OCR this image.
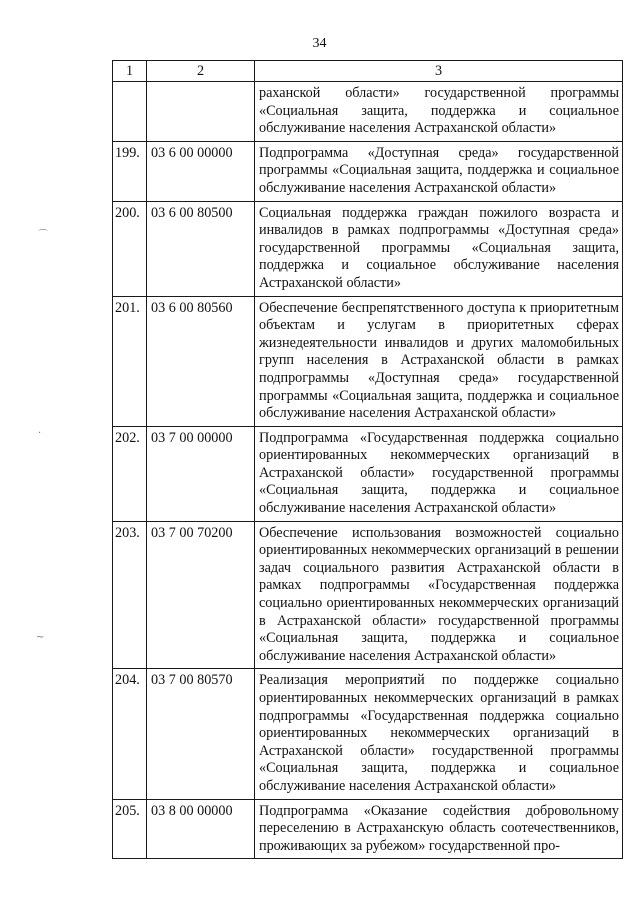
34
⌒
·
~
1	2	3
		раханской области» государственной программы «Социальная защита, поддержка и социальное обслуживание населения Астраханской области»
199.	03 6 00 00000	Подпрограмма «Доступная среда» государственной программы «Социальная защита, поддержка и социальное обслуживание населения Астраханской области»
200.	03 6 00 80500	Социальная поддержка граждан пожилого возраста и инвалидов в рамках подпрограммы «Доступная среда» государственной программы «Социальная защита, поддержка и социальное обслуживание населения Астраханской области»
201.	03 6 00 80560	Обеспечение беспрепятственного доступа к приоритетным объектам и услугам в приоритетных сферах жизнедеятельности инвалидов и других маломобильных групп населения в Астраханской области в рамках подпрограммы «Доступная среда» государственной программы «Социальная защита, поддержка и социальное обслуживание населения Астраханской области»
202.	03 7 00 00000	Подпрограмма «Государственная поддержка социально ориентированных некоммерческих организаций в Астраханской области» государственной программы «Социальная защита, поддержка и социальное обслуживание населения Астраханской области»
203.	03 7 00 70200	Обеспечение использования возможностей социально ориентированных некоммерческих организаций в решении задач социального развития Астраханской области в рамках подпрограммы «Государственная поддержка социально ориентированных некоммерческих организаций в Астраханской области» государственной программы «Социальная защита, поддержка и социальное обслуживание населения Астраханской области»
204.	03 7 00 80570	Реализация мероприятий по поддержке социально ориентированных некоммерческих организаций в рамках подпрограммы «Государственная поддержка социально ориентированных некоммерческих организаций в Астраханской области» государственной программы «Социальная защита, поддержка и социальное обслуживание населения Астраханской области»
205.	03 8 00 00000	Подпрограмма «Оказание содействия добровольному переселению в Астраханскую область соотечественников, проживающих за рубежом» государственной про-
